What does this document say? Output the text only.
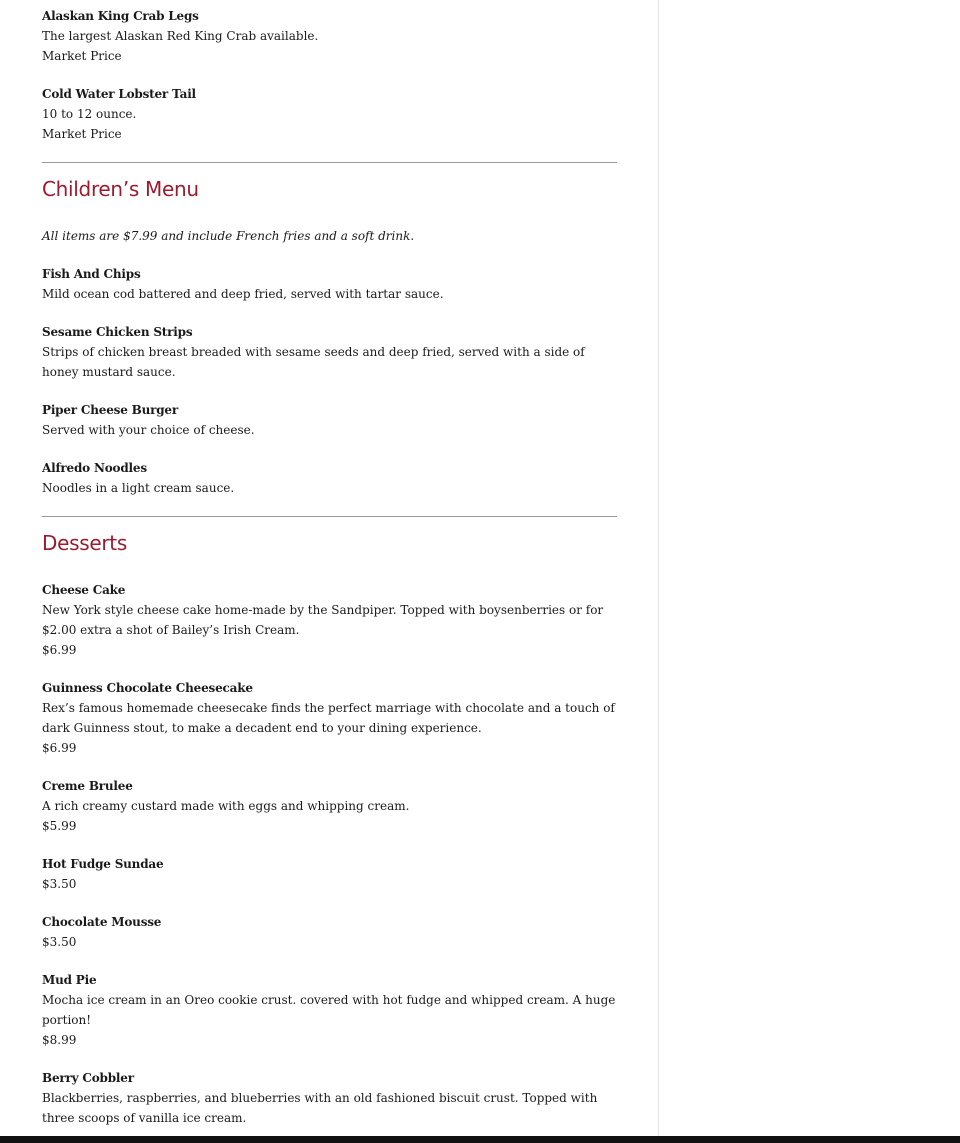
Alaskan King Crab Legs
The largest Alaskan Red King Crab available.
Market Price
Cold Water Lobster Tail
10 to 12 ounce.
Market Price
Children’s Menu
All items are $7.99 and include French fries and a soft drink.
Fish And Chips
Mild ocean cod battered and deep fried, served with tartar sauce.
Sesame Chicken Strips
Strips of chicken breast breaded with sesame seeds and deep fried, served with a side of honey mustard sauce.
Piper Cheese Burger
Served with your choice of cheese.
Alfredo Noodles
Noodles in a light cream sauce.
Desserts
Cheese Cake
New York style cheese cake home-made by the Sandpiper. Topped with boysenberries or for $2.00 extra a shot of Bailey’s Irish Cream.
$6.99
Guinness Chocolate Cheesecake
Rex’s famous homemade cheesecake finds the perfect marriage with chocolate and a touch of dark Guinness stout, to make a decadent end to your dining experience.
$6.99
Creme Brulee
A rich creamy custard made with eggs and whipping cream.
$5.99
Hot Fudge Sundae
$3.50
Chocolate Mousse
$3.50
Mud Pie
Mocha ice cream in an Oreo cookie crust. covered with hot fudge and whipped cream. A huge portion!
$8.99
Berry Cobbler
Blackberries, raspberries, and blueberries with an old fashioned biscuit crust. Topped with three scoops of vanilla ice cream.
